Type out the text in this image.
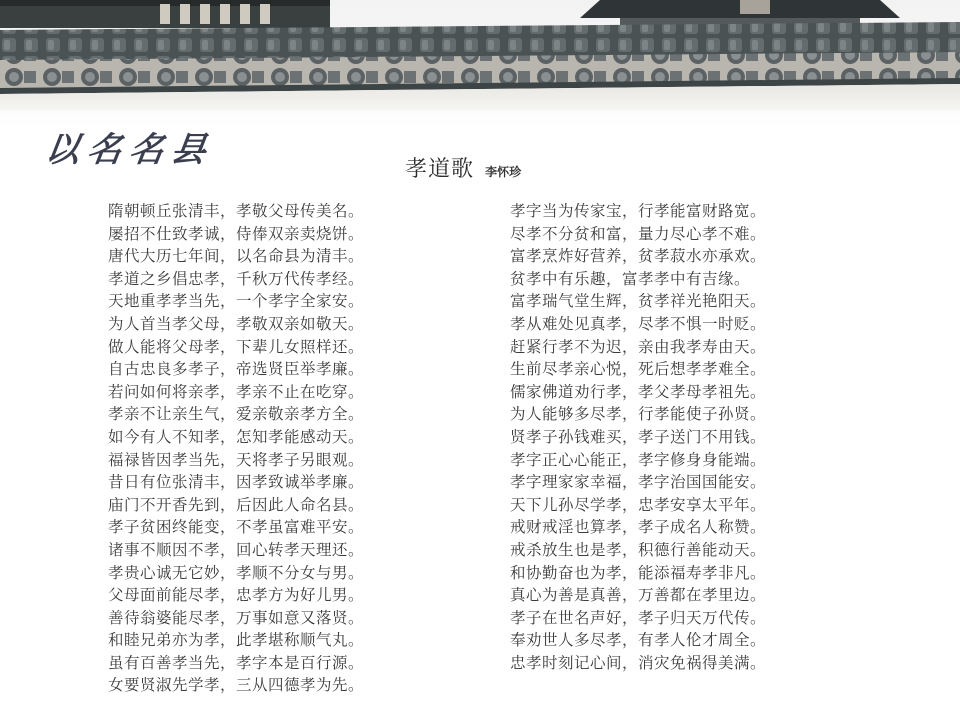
以名名县	孝道歌 李怀珍
隋朝顿丘张清丰，孝敬父母传美名。
屡招不仕致孝诚，侍俸双亲卖烧饼。
唐代大历七年间，以名命县为清丰。
孝道之乡倡忠孝，千秋万代传孝经。
天地重孝孝当先，一个孝字全家安。
为人首当孝父母，孝敬双亲如敬天。
做人能将父母孝，下辈儿女照样还。
自古忠良多孝子，帝选贤臣举孝廉。
若问如何将亲孝，孝亲不止在吃穿。
孝亲不让亲生气，爱亲敬亲孝方全。
如今有人不知孝，怎知孝能感动天。
福禄皆因孝当先，天将孝子另眼观。
昔日有位张清丰，因孝致诚举孝廉。
庙门不开香先到，后因此人命名县。
孝子贫困终能变，不孝虽富难平安。
诸事不顺因不孝，回心转孝天理还。
孝贵心诚无它妙，孝顺不分女与男。
父母面前能尽孝，忠孝方为好儿男。
善待翁婆能尽孝，万事如意又落贤。
和睦兄弟亦为孝，此孝堪称顺气丸。
虽有百善孝当先，孝字本是百行源。
女要贤淑先学孝，三从四德孝为先。
孝字当为传家宝，行孝能富财路宽。
尽孝不分贫和富，量力尽心孝不难。
富孝烹炸好营养，贫孝菽水亦承欢。
贫孝中有乐趣，富孝孝中有吉缘。
富孝瑞气堂生辉，贫孝祥光艳阳天。
孝从难处见真孝，尽孝不惧一时贬。
赶紧行孝不为迟，亲由我孝寿由天。
生前尽孝亲心悦，死后想孝孝难全。
儒家佛道劝行孝，孝父孝母孝祖先。
为人能够多尽孝，行孝能使子孙贤。
贤孝子孙钱难买，孝子送门不用钱。
孝字正心心能正，孝字修身身能端。
孝字理家家幸福，孝字治国国能安。
天下儿孙尽学孝，忠孝安享太平年。
戒财戒淫也算孝，孝子成名人称赞。
戒杀放生也是孝，积德行善能动天。
和协勤奋也为孝，能添福寿孝非凡。
真心为善是真善，万善都在孝里边。
孝子在世名声好，孝子归天万代传。
奉劝世人多尽孝，有孝人伦才周全。
忠孝时刻记心间，消灾免祸得美满。
